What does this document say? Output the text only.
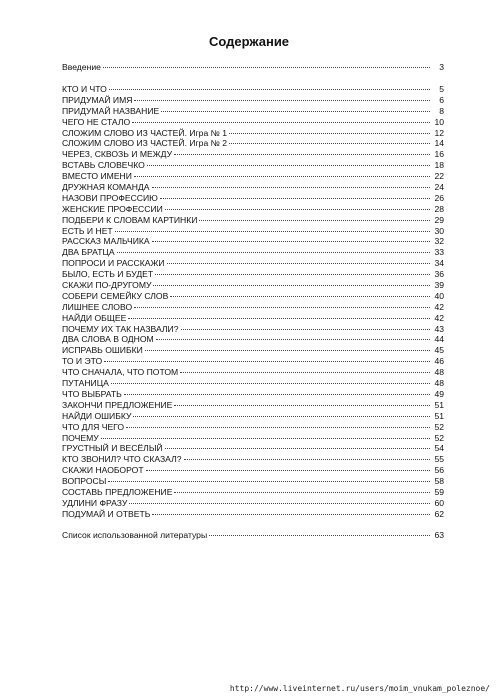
Содержание
Введение	3
КТО И ЧТО	5
ПРИДУМАЙ ИМЯ	6
ПРИДУМАЙ НАЗВАНИЕ	8
ЧЕГО НЕ СТАЛО	10
СЛОЖИМ СЛОВО ИЗ ЧАСТЕЙ. Игра № 1	12
СЛОЖИМ СЛОВО ИЗ ЧАСТЕЙ. Игра № 2	14
ЧЕРЕЗ, СКВОЗЬ И МЕЖДУ	16
ВСТАВЬ СЛОВЕЧКО	18
ВМЕСТО ИМЕНИ	22
ДРУЖНАЯ КОМАНДА	24
НАЗОВИ ПРОФЕССИЮ	26
ЖЕНСКИЕ ПРОФЕССИИ	28
ПОДБЕРИ К СЛОВАМ КАРТИНКИ	29
ЕСТЬ И НЕТ	30
РАССКАЗ МАЛЬЧИКА	32
ДВА БРАТЦА	33
ПОПРОСИ И РАССКАЖИ	34
БЫЛО, ЕСТЬ И БУДЕТ	36
СКАЖИ ПО-ДРУГОМУ	39
СОБЕРИ СЕМЕЙКУ СЛОВ	40
ЛИШНЕЕ СЛОВО	42
НАЙДИ ОБЩЕЕ	42
ПОЧЕМУ ИХ ТАК НАЗВАЛИ?	43
ДВА СЛОВА В ОДНОМ	44
ИСПРАВЬ ОШИБКИ	45
ТО И ЭТО	46
ЧТО СНАЧАЛА, ЧТО ПОТОМ	48
ПУТАНИЦА	48
ЧТО ВЫБРАТЬ	49
ЗАКОНЧИ ПРЕДЛОЖЕНИЕ	51
НАЙДИ ОШИБКУ	51
ЧТО ДЛЯ ЧЕГО	52
ПОЧЕМУ	52
ГРУСТНЫЙ И ВЕСЁЛЫЙ	54
КТО ЗВОНИЛ? ЧТО СКАЗАЛ?	55
СКАЖИ НАОБОРОТ	56
ВОПРОСЫ	58
СОСТАВЬ ПРЕДЛОЖЕНИЕ	59
УДЛИНИ ФРАЗУ	60
ПОДУМАЙ И ОТВЕТЬ	62
Список использованной литературы	63
http://www.liveinternet.ru/users/moim_vnukam_poleznoe/
